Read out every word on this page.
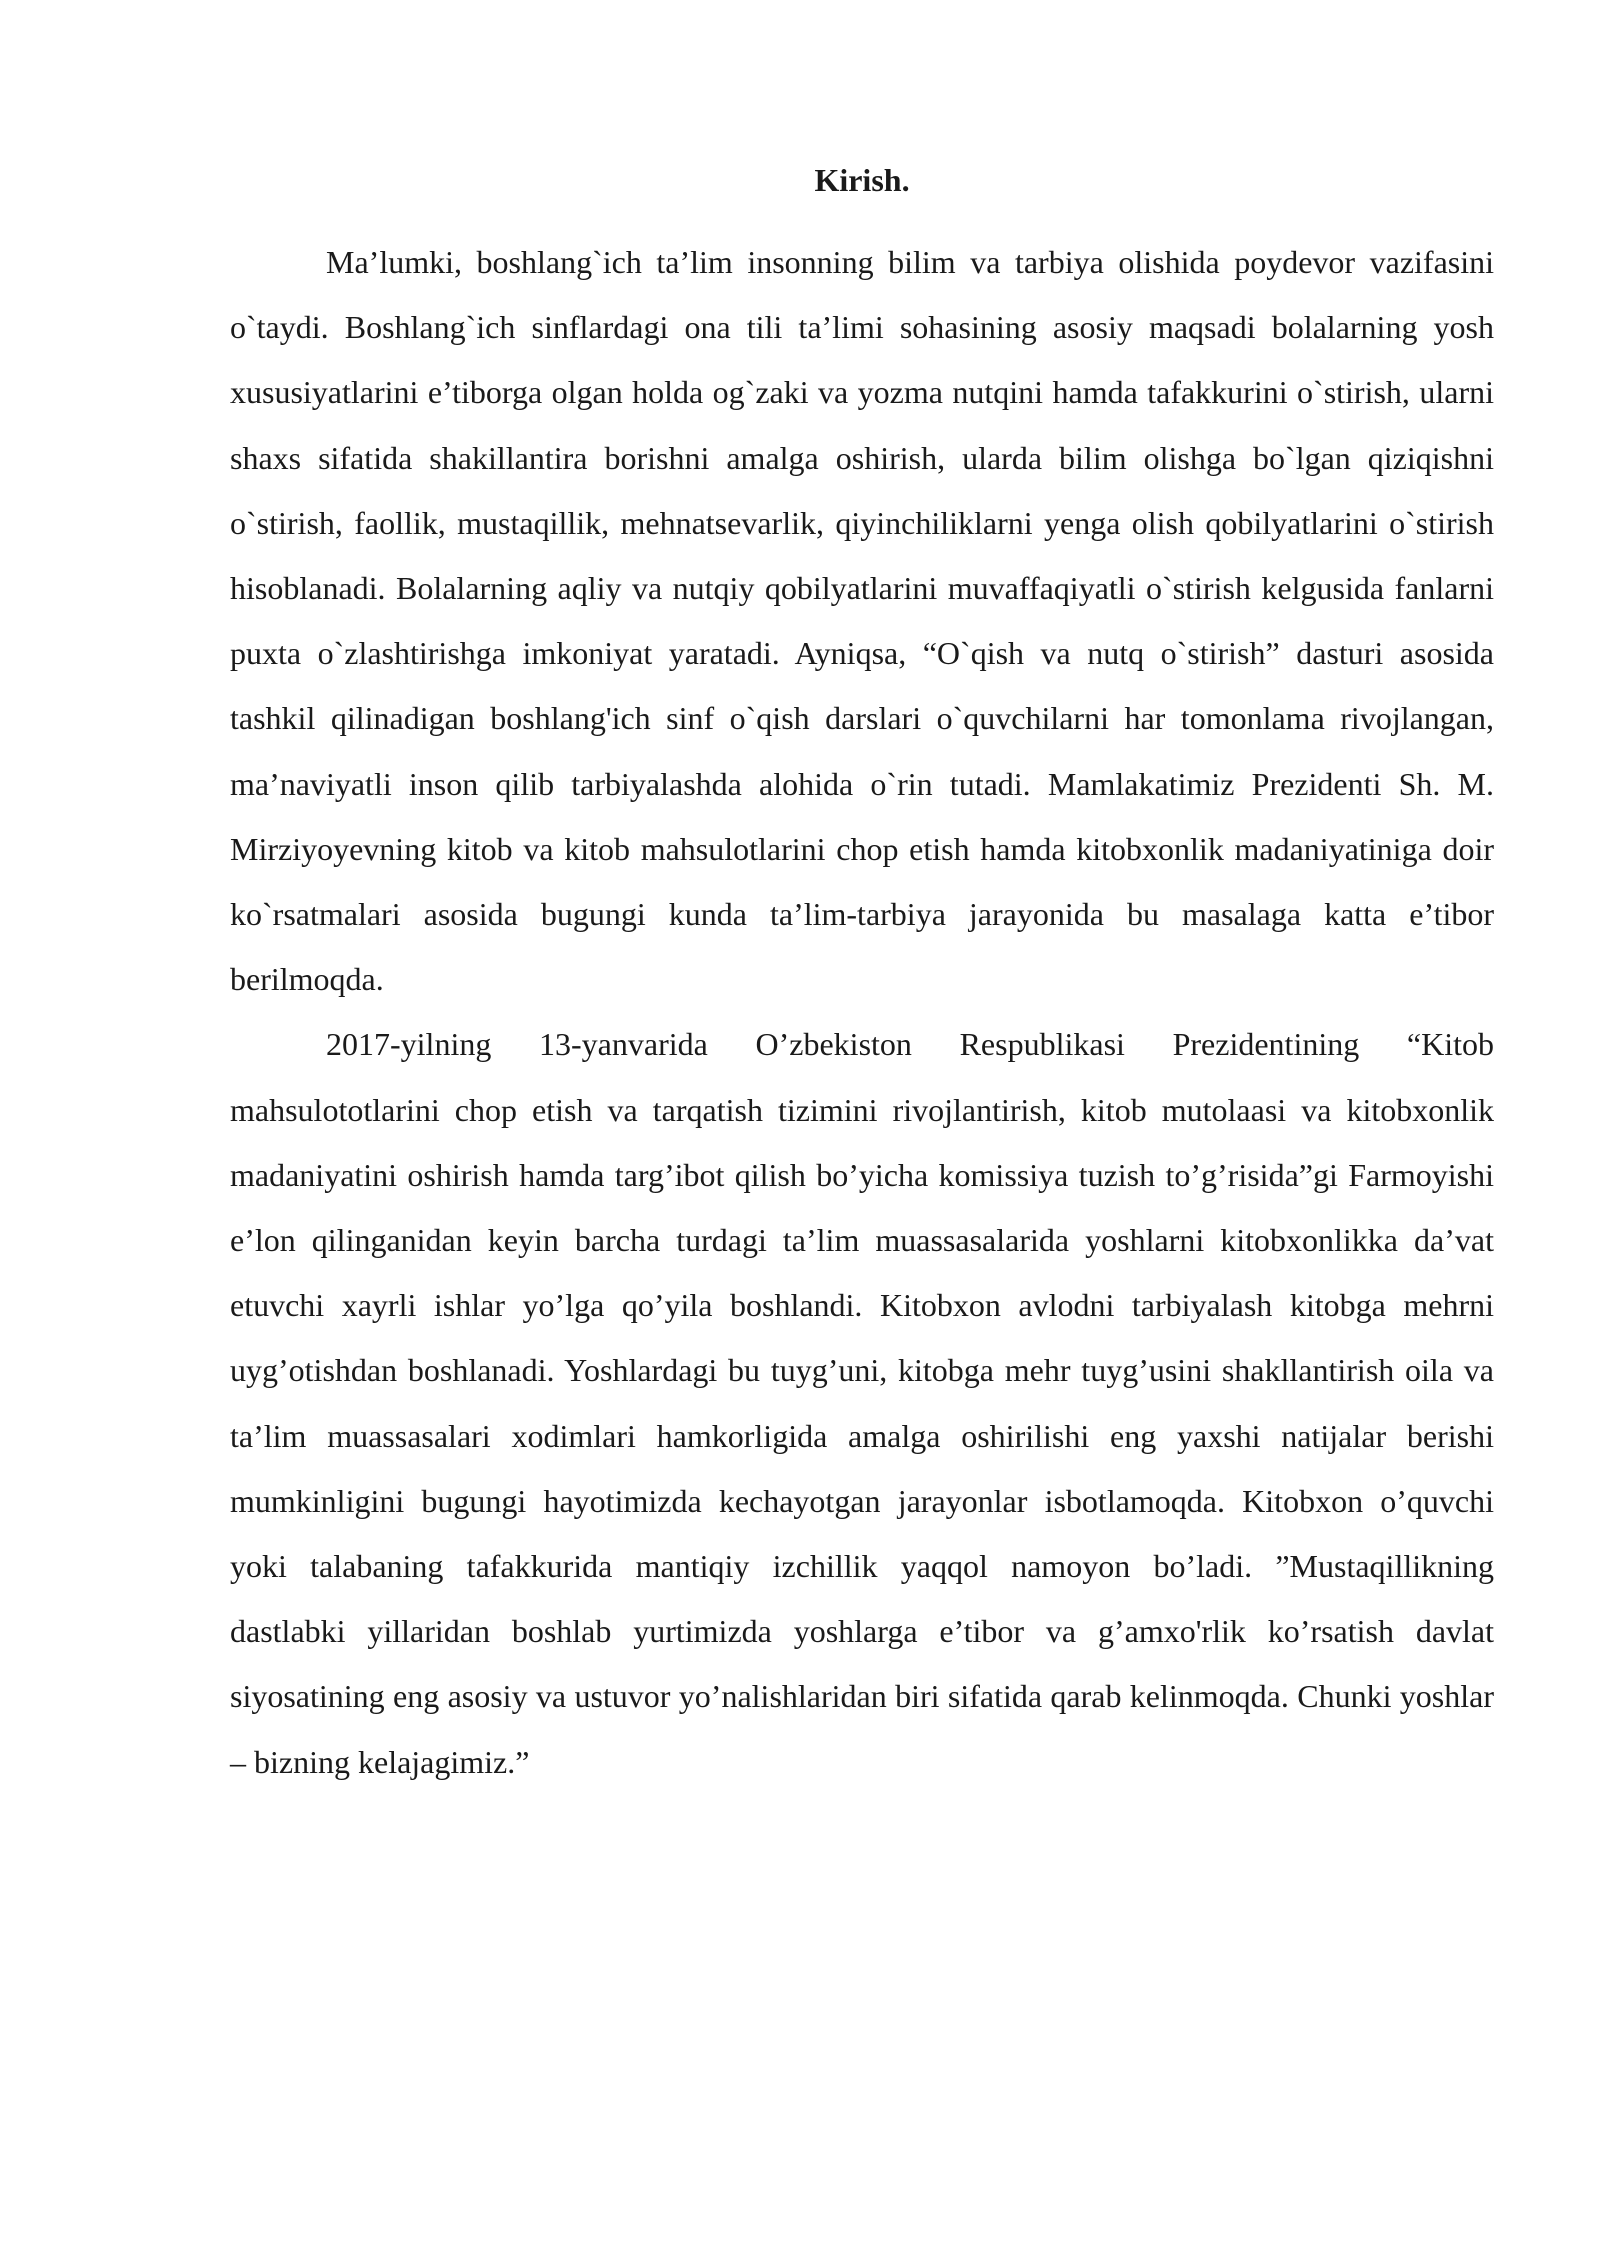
Kirish.

Ma’lumki, boshlang`ich ta’lim insonning bilim va tarbiya olishida poydevor vazifasini o`taydi. Boshlang`ich sinflardagi ona tili ta’limi sohasining asosiy maqsadi bolalarning yosh xususiyatlarini e’tiborga olgan holda og`zaki va yozma nutqini hamda tafakkurini o`stirish, ularni shaxs sifatida shakillantira borishni amalga oshirish, ularda bilim olishga bo`lgan qiziqishni o`stirish, faollik, mustaqillik, mehnatsevarlik, qiyinchiliklarni yenga olish qobilyatlarini o`stirish hisoblanadi. Bolalarning aqliy va nutqiy qobilyatlarini muvaffaqiyatli o`stirish kelgusida fanlarni puxta o`zlashtirishga imkoniyat yaratadi. Ayniqsa, “O`qish va nutq o`stirish” dasturi asosida tashkil qilinadigan boshlang'ich sinf o`qish darslari o`quvchilarni har tomonlama rivojlangan, ma’naviyatli inson qilib tarbiyalashda alohida o`rin tutadi. Mamlakatimiz Prezidenti Sh. M. Mirziyoyevning kitob va kitob mahsulotlarini chop etish hamda kitobxonlik madaniyatiniga doir ko`rsatmalari asosida bugungi kunda ta’lim-tarbiya jarayonida bu masalaga katta e’tibor berilmoqda.

2017-yilning 13-yanvarida O’zbekiston Respublikasi Prezidentining “Kitob mahsulototlarini chop etish va tarqatish tizimini rivojlantirish, kitob mutolaasi va kitobxonlik madaniyatini oshirish hamda targ’ibot qilish bo’yicha komissiya tuzish to’g’risida”gi Farmoyishi e’lon qilinganidan keyin barcha turdagi ta’lim muassasalarida yoshlarni kitobxonlikka da’vat etuvchi xayrli ishlar yo’lga qo’yila boshlandi. Kitobxon avlodni tarbiyalash kitobga mehrni uyg’otishdan boshlanadi. Yoshlardagi bu tuyg’uni, kitobga mehr tuyg’usini shakllantirish oila va ta’lim muassasalari xodimlari hamkorligida amalga oshirilishi eng yaxshi natijalar berishi mumkinligini bugungi hayotimizda kechayotgan jarayonlar isbotlamoqda. Kitobxon o’quvchi yoki talabaning tafakkurida mantiqiy izchillik yaqqol namoyon bo’ladi. ”Mustaqillikning dastlabki yillaridan boshlab yurtimizda yoshlarga e’tibor va g’amxo'rlik ko’rsatish davlat siyosatining eng asosiy va ustuvor yo’nalishlaridan biri sifatida qarab kelinmoqda. Chunki yoshlar – bizning kelajagimiz.”
